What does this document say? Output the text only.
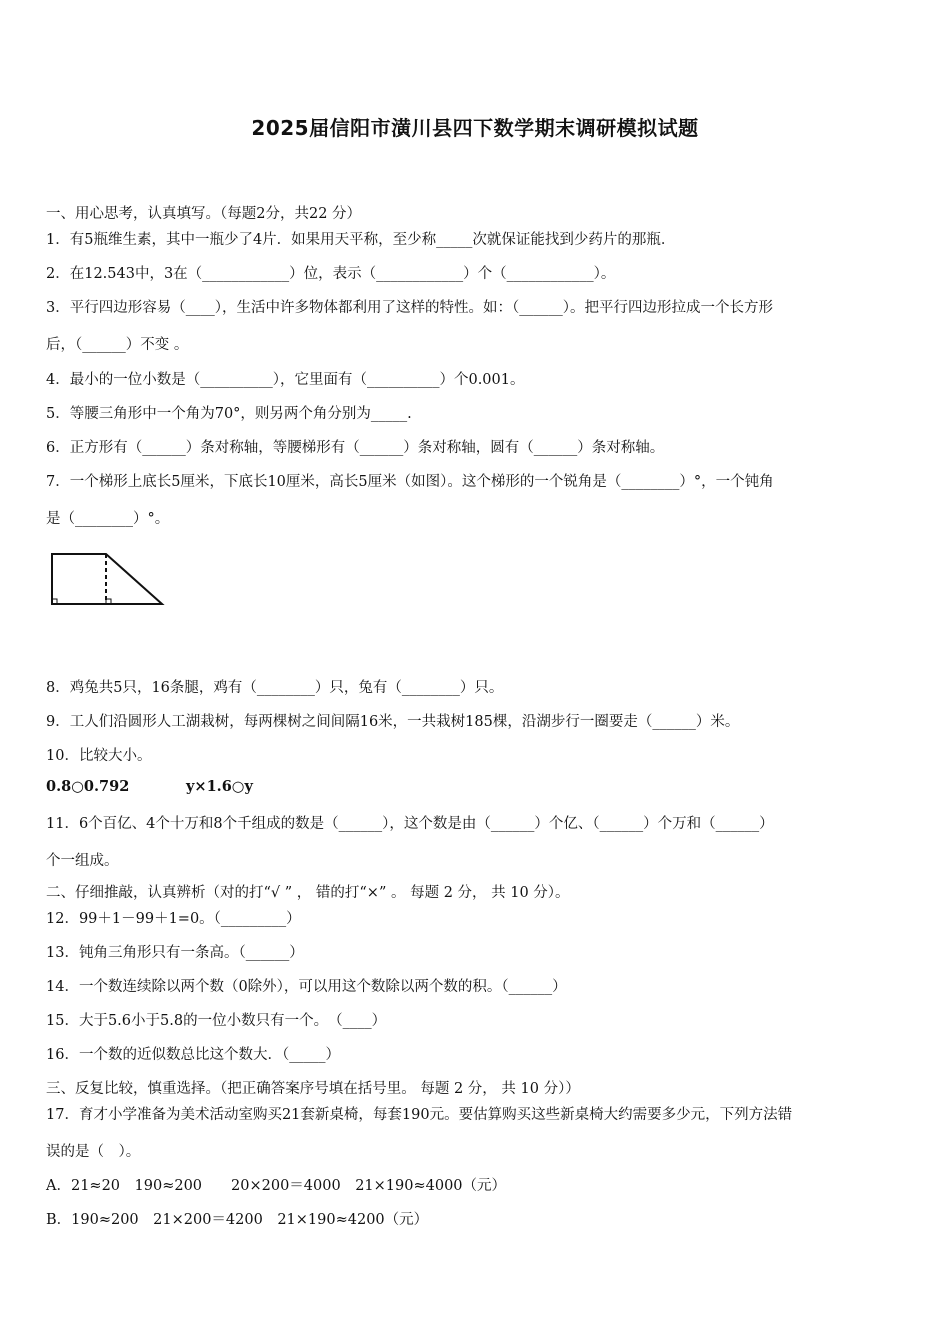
2025届信阳市潢川县四下数学期末调研模拟试题
一、用心思考，认真填写。（每题2分，共22 分）
1．有5瓶维生素，其中一瓶少了4片．如果用天平称，至少称_____次就保证能找到少药片的那瓶．
2．在12.543中，3在（____________）位，表示（____________）个（____________）。
3．平行四边形容易（____），生活中许多物体都利用了这样的特性。如：（______）。把平行四边形拉成一个长方形
后，（______）不变 。
4．最小的一位小数是（__________），它里面有（__________）个0.001。
5．等腰三角形中一个角为70°，则另两个角分别为_____.
6．正方形有（______）条对称轴，等腰梯形有（______）条对称轴，圆有（______）条对称轴。
7．一个梯形上底长5厘米，下底长10厘米，高长5厘米（如图）。这个梯形的一个锐角是（________）°，一个钝角
是（________）°。
8．鸡兔共5只，16条腿，鸡有（________）只，兔有（________）只。
9．工人们沿圆形人工湖栽树，每两棵树之间间隔16米，一共栽树185棵，沿湖步行一圈要走（______）米。
10．比较大小。
0.8○0.792	y×1.6○y
11．6个百亿、4个十万和8个千组成的数是（______），这个数是由（______）个亿、（______）个万和（______）
个一组成。
二、仔细推敲，认真辨析（对的打“√ ” ， 错的打“×” 。 每题 2 分， 共 10 分）。
12．99＋1－99＋1=0。（_________）
13．钝角三角形只有一条高。（______）
14．一个数连续除以两个数（0除外），可以用这个数除以两个数的积。（______）
15．大于5.6小于5.8的一位小数只有一个。　（____）
16．一个数的近似数总比这个数大．（_____）
三、反复比较，慎重选择。（把正确答案序号填在括号里。 每题 2 分， 共 10 分））
17．育才小学准备为美术活动室购买21套新桌椅，每套190元。要估算购买这些新桌椅大约需要多少元，下列方法错
误的是（　）。
A．21≈20　190≈200　　20×200＝4000　21×190≈4000（元）
B．190≈200　21×200＝4200　21×190≈4200（元）
